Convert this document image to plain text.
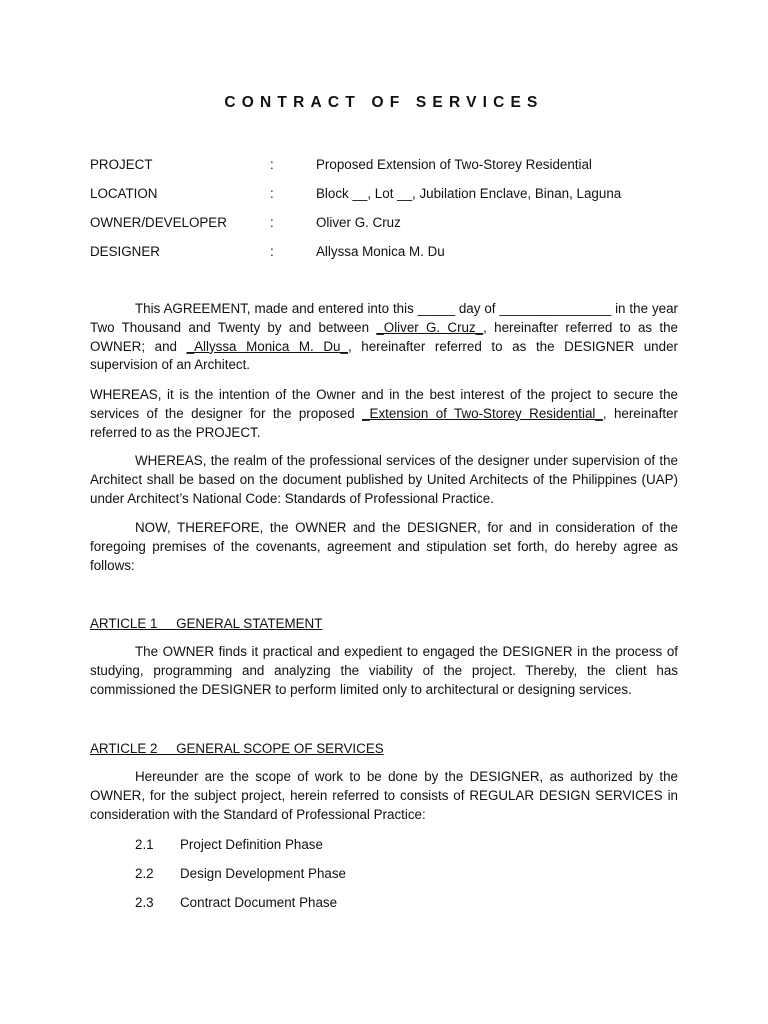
CONTRACT OF SERVICES
PROJECT	:	Proposed Extension of Two-Storey Residential
LOCATION	:	Block __, Lot __, Jubilation Enclave, Binan, Laguna
OWNER/DEVELOPER	:	Oliver G. Cruz
DESIGNER	:	Allyssa Monica M. Du

This AGREEMENT, made and entered into this _____ day of _______________ in the year Two Thousand and Twenty by and between _Oliver G. Cruz_, hereinafter referred to as the OWNER; and _Allyssa Monica M. Du_, hereinafter referred to as the DESIGNER under supervision of an Architect.

WHEREAS, it is the intention of the Owner and in the best interest of the project to secure the services of the designer for the proposed _Extension of Two-Storey Residential_, hereinafter referred to as the PROJECT.

WHEREAS, the realm of the professional services of the designer under supervision of the Architect shall be based on the document published by United Architects of the Philippines (UAP) under Architect’s National Code: Standards of Professional Practice.

NOW, THEREFORE, the OWNER and the DESIGNER, for and in consideration of the foregoing premises of the covenants, agreement and stipulation set forth, do hereby agree as follows:

ARTICLE 1     GENERAL STATEMENT

The OWNER finds it practical and expedient to engaged the DESIGNER in the process of studying, programming and analyzing the viability of the project. Thereby, the client has commissioned the DESIGNER to perform limited only to architectural or designing services.

ARTICLE 2     GENERAL SCOPE OF SERVICES

Hereunder are the scope of work to be done by the DESIGNER, as authorized by the OWNER, for the subject project, herein referred to consists of REGULAR DESIGN SERVICES in consideration with the Standard of Professional Practice:

2.1 Project Definition Phase
2.2 Design Development Phase
2.3 Contract Document Phase
